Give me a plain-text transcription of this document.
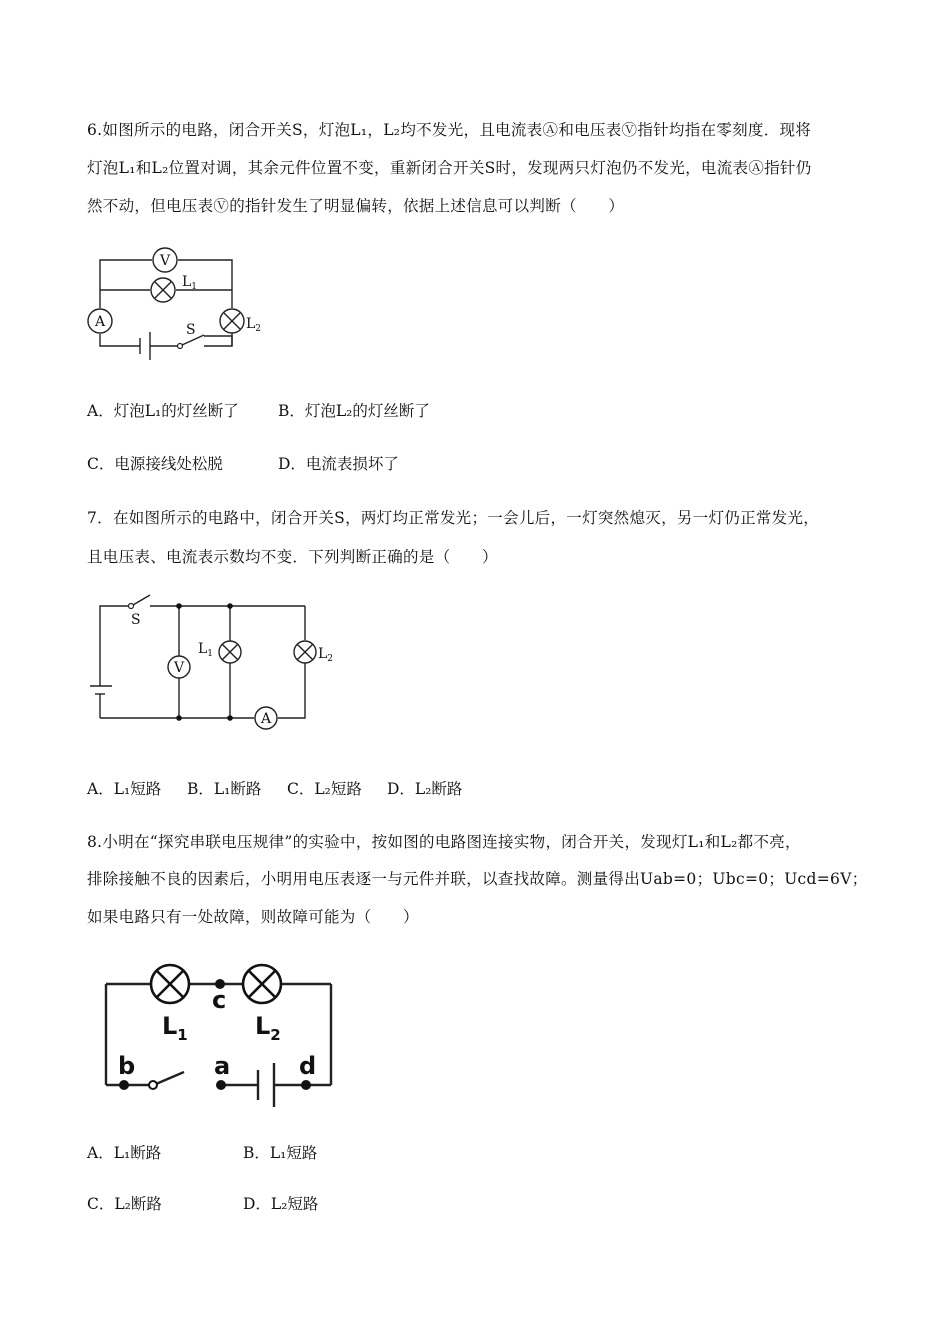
6.如图所示的电路，闭合开关S，灯泡L₁，L₂均不发光，且电流表Ⓐ和电压表Ⓥ指针均指在零刻度．现将
灯泡L₁和L₂位置对调，其余元件位置不变，重新闭合开关S时，发现两只灯泡仍不发光，电流表Ⓐ指针仍
然不动，但电压表Ⓥ的指针发生了明显偏转，依据上述信息可以判断（　　）
S
V
$L_1$
A	$L_2$
A．灯泡L₁的灯丝断了	B．灯泡L₂的灯丝断了
C．电源接线处松脱	D．电流表损坏了
7．在如图所示的电路中，闭合开关S，两灯均正常发光；一会儿后，一灯突然熄灭，另一灯仍正常发光，
且电压表、电流表示数均不变．下列判断正确的是（　　）
S
V
$L_1$	$L_2$
A
A．L₁短路 B．L₁断路 C．L₂短路 D．L₂断路
8.小明在“探究串联电压规律”的实验中，按如图的电路图连接实物，闭合开关，发现灯L₁和L₂都不亮，
排除接触不良的因素后，小明用电压表逐一与元件并联，以查找故障。测量得出Uab=0；Ubc=0；Ucd=6V；
如果电路只有一处故障，则故障可能为（　　）
c
b	a	d
$L_1$	$L_2$
A．L₁断路	B．L₁短路
C．L₂断路	D．L₂短路
